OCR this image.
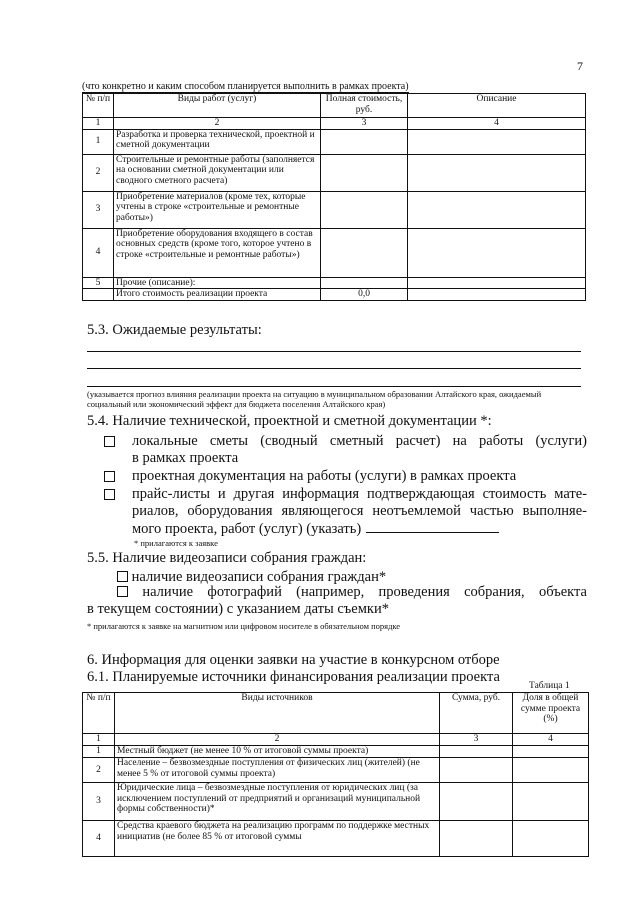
7
(что конкретно и каким способом планируется выполнить в рамках проекта)
№ п/п	Виды работ (услуг)	Полная стоимость, руб.	Описание
1	2	3	4
1	Разработка и проверка технической, проектной и сметной документации		
2	Строительные и ремонтные работы (заполняется на основании сметной документации или сводного сметного расчета)		
3	Приобретение материалов (кроме тех, которые учтены в строке «строительные и ремонтные работы»)		
4	Приобретение оборудования входящего в состав основных средств (кроме того, которое учтено в строке «строительные и ремонтные работы»)		
5	Прочие (описание):		
	Итого стоимость реализации проекта	0,0	
5.3. Ожидаемые результаты:
(указывается прогноз влияния реализации проекта на ситуацию в муниципальном образовании Алтайского края, ожидаемый социальный или экономический эффект для бюджета поселения Алтайского края)
5.4. Наличие технической, проектной и сметной документации *:
локальные сметы (сводный сметный расчет) на работы (услуги)
в рамках проекта
проектная документация на работы (услуги) в рамках проекта
прайс-листы и другая информация подтверждающая стоимость мате-
риалов, оборудования являющегося неотъемлемой частью выполняе-
мого проекта, работ (услуг) (указать)
* прилагаются к заявке
5.5. Наличие видеозаписи собрания граждан:
наличие видеозаписи собрания граждан*
наличие фотографий (например, проведения собрания, объекта
в текущем состоянии) с указанием даты съемки*
* прилагаются к заявке на магнитном или цифровом носителе в обязательном порядке
6. Информация для оценки заявки на участие в конкурсном отборе
6.1. Планируемые источники финансирования реализации проекта
Таблица 1
№ п/п	Виды источников	Сумма, руб.	Доля в общей сумме проекта (%)
1	2	3	4
1	Местный бюджет (не менее 10 % от итоговой суммы проекта)		
2	Население – безвозмездные поступления от физических лиц (жителей) (не менее 5 % от итоговой суммы проекта)		
3	Юридические лица – безвозмездные поступления от юридических лиц (за исключением поступлений от предприятий и организаций муниципальной формы собственности)*		
4	Средства краевого бюджета на реализацию программ по поддержке местных инициатив (не более 85 % от итоговой суммы		
